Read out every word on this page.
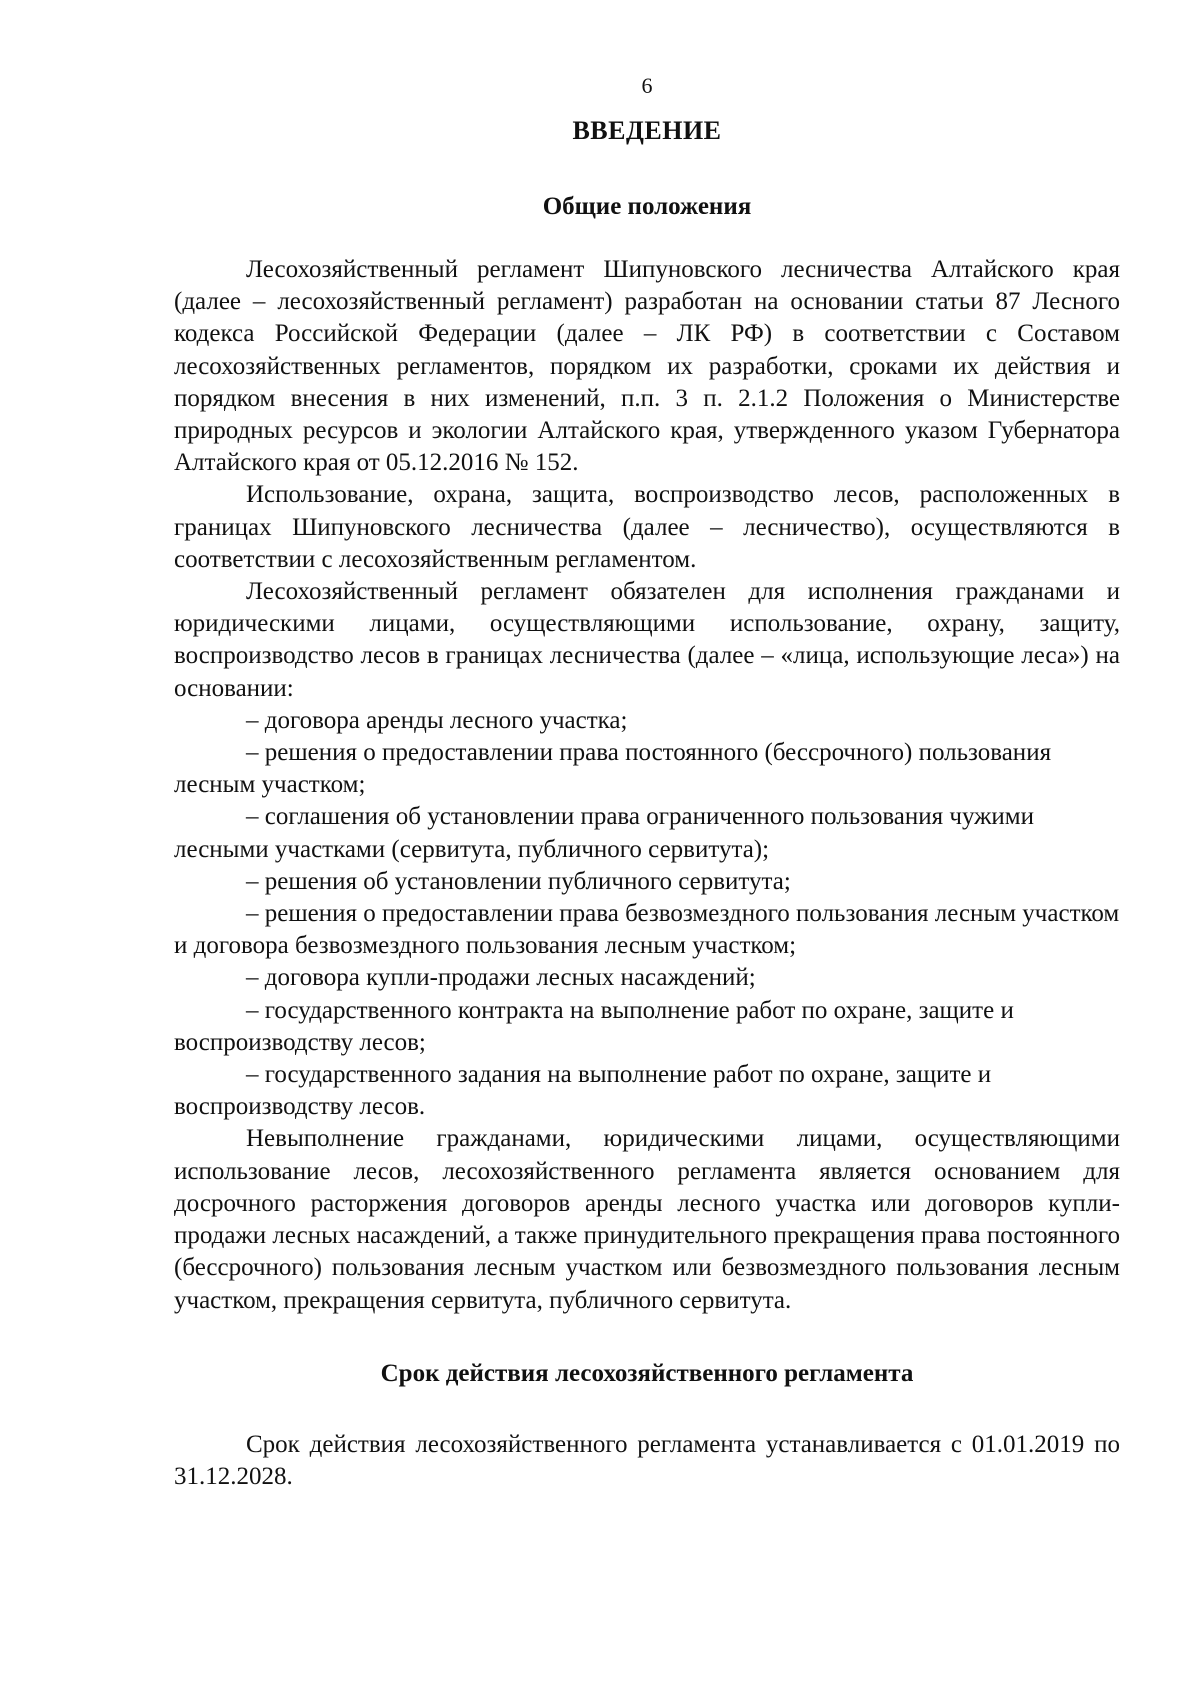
6
ВВЕДЕНИЕ
Общие положения

Лесохозяйственный регламент Шипуновского лесничества Алтайского края (далее – лесохозяйственный регламент) разработан на основании статьи 87 Лесного кодекса Российской Федерации (далее – ЛК РФ) в соответствии с Составом лесохозяйственных регламентов, порядком их разработки, сроками их действия и порядком внесения в них изменений, п.п. 3 п. 2.1.2 Положения о Министерстве природных ресурсов и экологии Алтайского края, утвержденного указом Губернатора Алтайского края от 05.12.2016 № 152.

Использование, охрана, защита, воспроизводство лесов, расположенных в границах Шипуновского лесничества (далее – лесничество), осуществляются в соответствии с лесохозяйственным регламентом.

Лесохозяйственный регламент обязателен для исполнения гражданами и юридическими лицами, осуществляющими использование, охрану, защиту, воспроизводство лесов в границах лесничества (далее – «лица, использующие леса») на основании:

– договора аренды лесного участка;

– решения о предоставлении права постоянного (бессрочного) пользования лесным участком;

– соглашения об установлении права ограниченного пользования чужими лесными участками (сервитута, публичного сервитута);

– решения об установлении публичного сервитута;

– решения о предоставлении права безвозмездного пользования лесным участком и договора безвозмездного пользования лесным участком;

– договора купли-продажи лесных насаждений;

– государственного контракта на выполнение работ по охране, защите и воспроизводству лесов;

– государственного задания на выполнение работ по охране, защите и воспроизводству лесов.

Невыполнение гражданами, юридическими лицами, осуществляющими использование лесов, лесохозяйственного регламента является основанием для досрочного расторжения договоров аренды лесного участка или договоров купли-продажи лесных насаждений, а также принудительного прекращения права постоянного (бессрочного) пользования лесным участком или безвозмездного пользования лесным участком, прекращения сервитута, публичного сервитута.

Срок действия лесохозяйственного регламента

Срок действия лесохозяйственного регламента устанавливается с 01.01.2019 по 31.12.2028.
